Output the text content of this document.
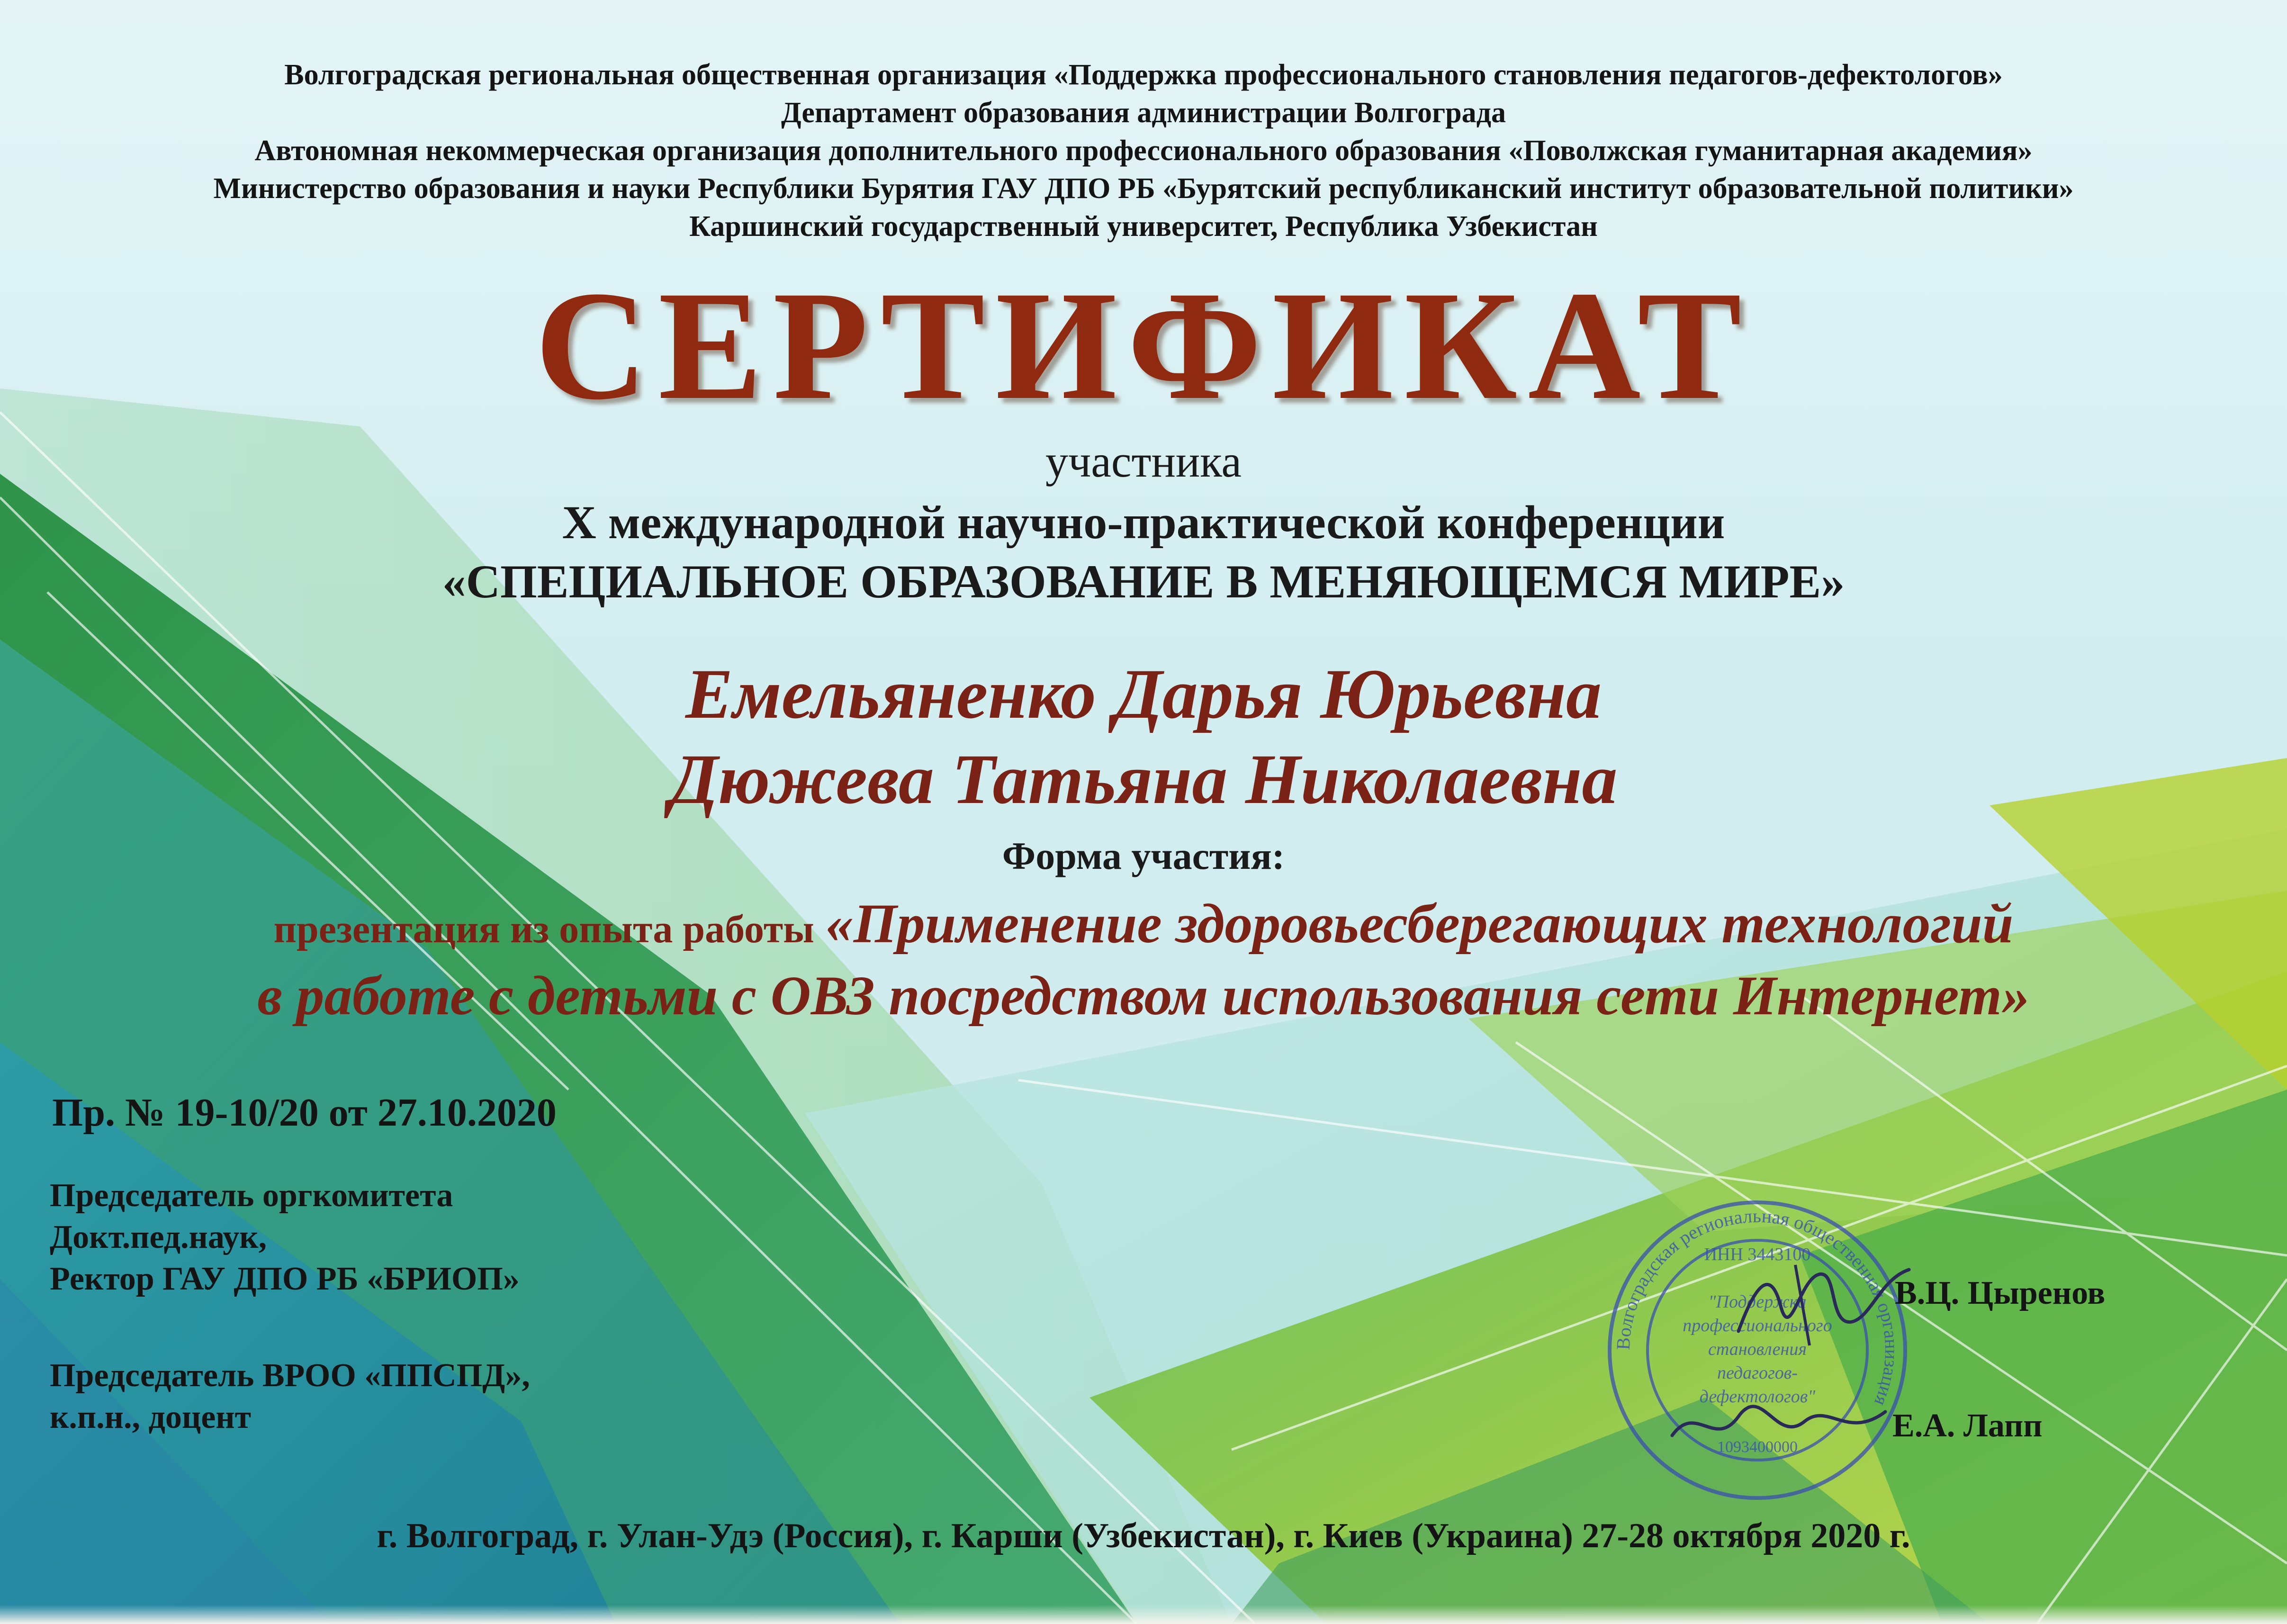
Волгоградская региональная общественная организация «Поддержка профессионального становления педагогов-дефектологов»
Департамент образования администрации Волгограда
Автономная некоммерческая организация дополнительного профессионального образования «Поволжская гуманитарная академия»
Министерство образования и науки Республики Бурятия ГАУ ДПО РБ «Бурятский республиканский институт образовательной политики»
Каршинский государственный университет, Республика Узбекистан
СЕРТИФИКАТ
участника
X международной научно-практической конференции
«СПЕЦИАЛЬНОЕ ОБРАЗОВАНИЕ В МЕНЯЮЩЕМСЯ МИРЕ»
Емельяненко Дарья Юрьевна
Дюжева Татьяна Николаевна
Форма участия:
презентация из опыта работы «Применение здоровьесберегающих технологий
в работе с детьми с ОВЗ посредством использования сети Интернет»
Пр. № 19-10/20 от 27.10.2020
Председатель оргкомитета
Докт.пед.наук,
Ректор ГАУ ДПО РБ «БРИОП»
Председатель ВРОО «ППСПД»,
к.п.н., доцент
Волгоградская региональная общественная организация
ИНН 3443100
"Поддержка
профессионального
становления
педагогов-
дефектологов"
1093400000
В.Ц. Цыренов
Е.А. Лапп
г. Волгоград, г. Улан-Удэ (Россия), г. Карши (Узбекистан), г. Киев (Украина) 27-28 октября 2020 г.
